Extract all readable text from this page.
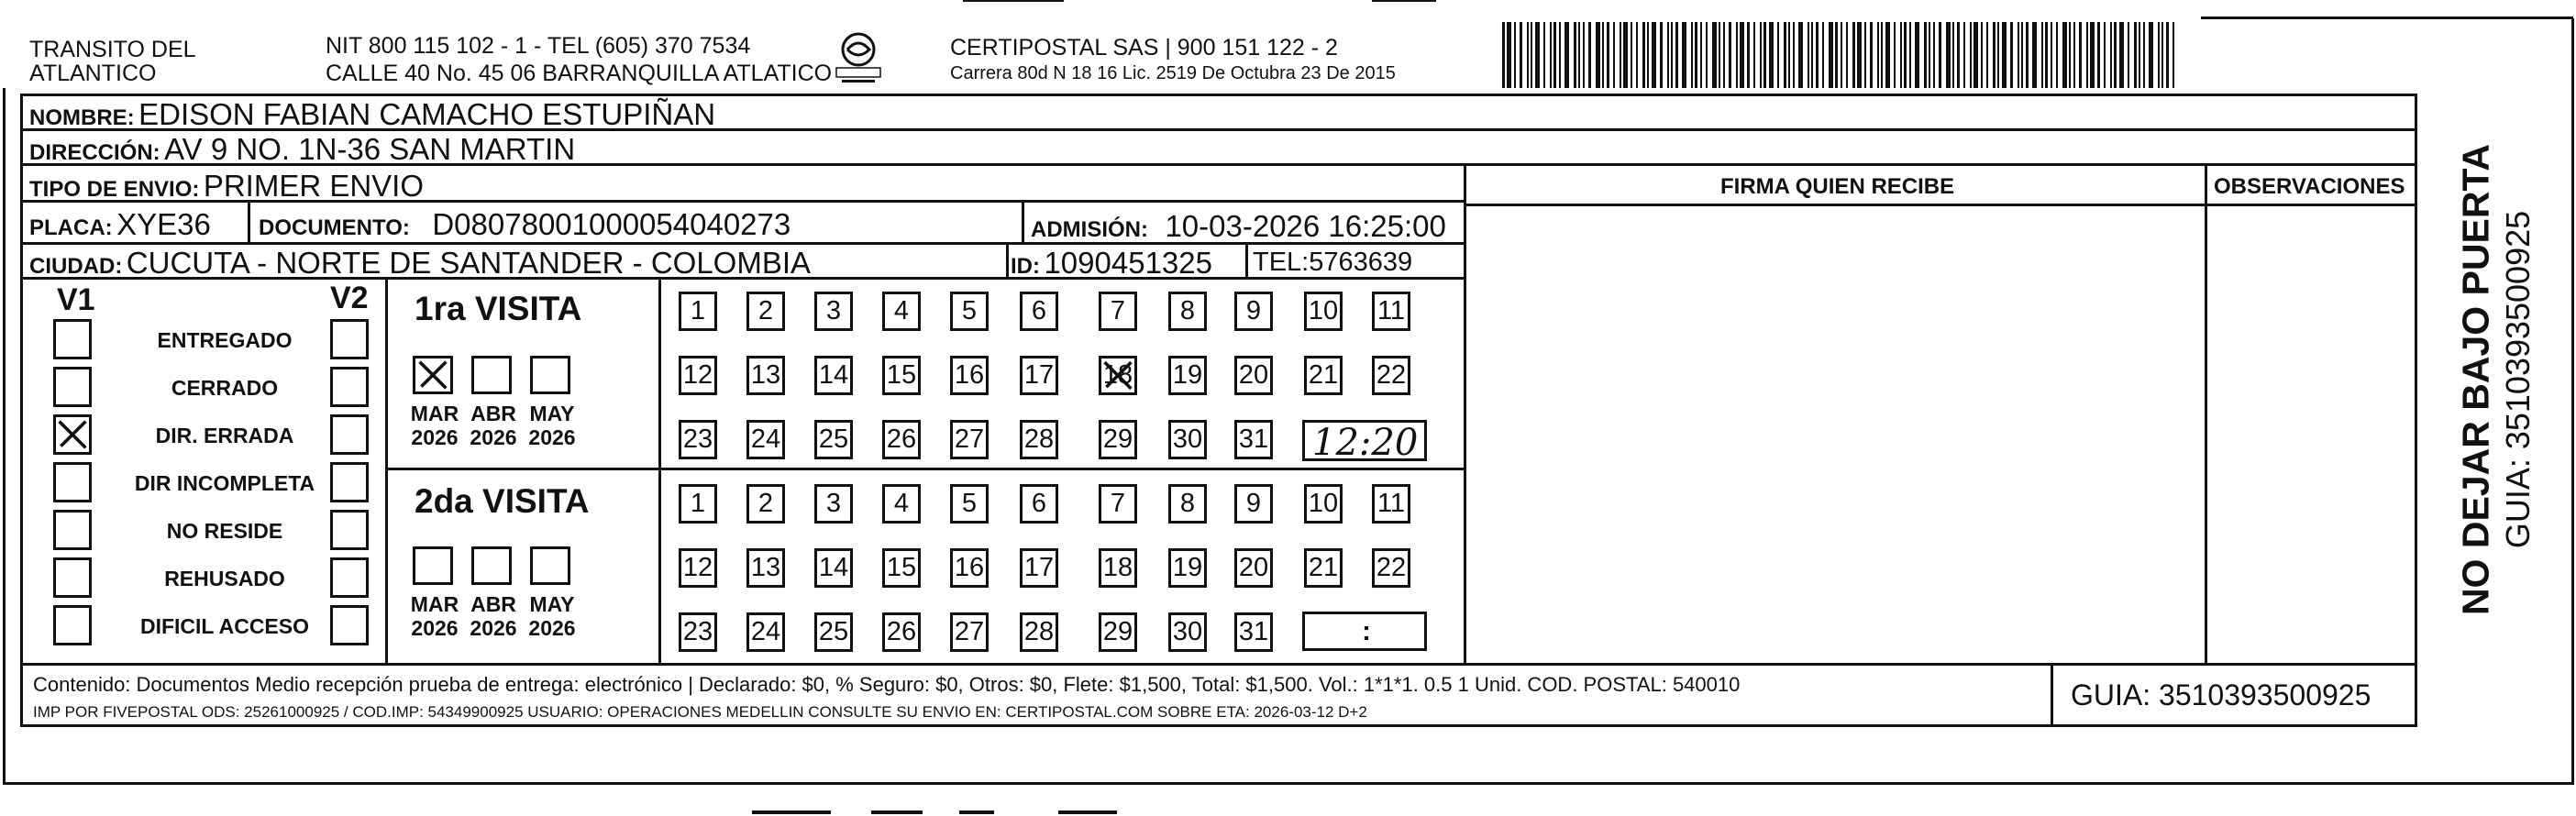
TRANSITO DEL
ATLANTICO
NIT 800 115 102 - 1 - TEL (605) 370 7534
CALLE 40 No. 45 06 BARRANQUILLA ATLATICO
CERTIPOSTAL SAS | 900 151 122 - 2
Carrera 80d N 18 16 Lic. 2519 De Octubra 23 De 2015
NOMBRE: EDISON FABIAN CAMACHO ESTUPIÑAN
DIRECCIÓN: AV 9 NO. 1N-36 SAN MARTIN
TIPO DE ENVIO: PRIMER ENVIO
PLACA: XYE36 DOCUMENTO: D08078001000054040273	ADMISIÓN: 10-03-2026 16:25:00
CIUDAD: CUCUTA - NORTE DE SANTANDER - COLOMBIA	ID: 1090451325 TEL:5763639
FIRMA QUIEN RECIBE	OBSERVACIONES
V1	V2
ENTREGADO
CERRADO
DIR. ERRADA
DIR INCOMPLETA
NO RESIDE
REHUSADO
DIFICIL ACCESO
1ra VISITA
2da VISITA
MAR
2026
ABR
2026
MAY
2026
MAR
2026
ABR
2026
MAY
2026
1	2	3	4	5	6	7	8	9	10 11
12 13 14 15 16 17 18 19 20 21 22
23 24 25 26 27 28 29 30 31
1	2	3	4	5	6	7	8	9	10 11
12 13 14 15 16 17 18 19 20 21 22
23 24 25 26 27 28 29 30 31
12:20
:
Contenido: Documentos Medio recepción prueba de entrega: electrónico | Declarado: $0, % Seguro: $0, Otros: $0, Flete: $1,500, Total: $1,500. Vol.: 1*1*1. 0.5 1 Unid. COD. POSTAL: 540010
IMP POR FIVEPOSTAL ODS: 25261000925 / COD.IMP: 54349900925 USUARIO: OPERACIONES MEDELLIN CONSULTE SU ENVIO EN: CERTIPOSTAL.COM SOBRE ETA: 2026-03-12 D+2
GUIA: 3510393500925
NO DEJAR BAJO PUERTA GUIA: 3510393500925
